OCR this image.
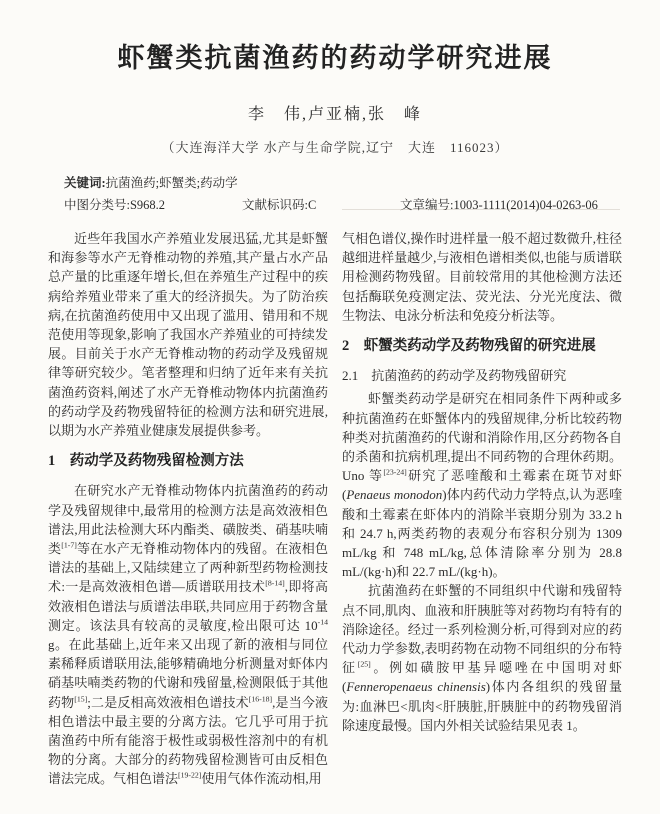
虾蟹类抗菌渔药的药动学研究进展
李　伟,卢亚楠,张　峰
（大连海洋大学 水产与生命学院,辽宁　大连　116023）
关键词:抗菌渔药;虾蟹类;药动学
中图分类号:S968.2	文献标识码:C	文章编号:1003-1111(2014)04-0263-06
近些年我国水产养殖业发展迅猛,尤其是虾蟹和海参等水产无脊椎动物的养殖,其产量占水产品总产量的比重逐年增长,但在养殖生产过程中的疾病给养殖业带来了重大的经济损失。为了防治疾病,在抗菌渔药使用中又出现了滥用、错用和不规范使用等现象,影响了我国水产养殖业的可持续发展。目前关于水产无脊椎动物的药动学及残留规律等研究较少。笔者整理和归纳了近年来有关抗菌渔药资料,阐述了水产无脊椎动物体内抗菌渔药的药动学及药物残留特征的检测方法和研究进展,以期为水产养殖业健康发展提供参考。
1　药动学及药物残留检测方法
在研究水产无脊椎动物体内抗菌渔药的药动学及残留规律中,最常用的检测方法是高效液相色谱法,用此法检测大环内酯类、磺胺类、硝基呋喃类[1-7]等在水产无脊椎动物体内的残留。在液相色谱法的基础上,又陆续建立了两种新型药物检测技术:一是高效液相色谱—质谱联用技术[8-14],即将高效液相色谱法与质谱法串联,共同应用于药物含量测定。该法具有较高的灵敏度,检出限可达 $10^{-14}$ g。在此基础上,近年来又出现了新的液相与同位素稀释质谱联用法,能够精确地分析测量对虾体内硝基呋喃类药物的代谢和残留量,检测限低于其他药物[15];二是反相高效液相色谱技术[16-18],是当今液相色谱法中最主要的分离方法。它几乎可用于抗菌渔药中所有能溶于极性或弱极性溶剂中的有机物的分离。大部分的药物残留检测皆可由反相色谱法完成。气相色谱法[19-22]使用气体作流动相,用
气相色谱仪,操作时进样量一般不超过数微升,柱径越细进样量越少,与液相色谱相类似,也能与质谱联用检测药物残留。目前较常用的其他检测方法还包括酶联免疫测定法、荧光法、分光光度法、微生物法、电泳分析法和免疫分析法等。
2　虾蟹类药动学及药物残留的研究进展
2.1　抗菌渔药的药动学及药物残留研究
虾蟹类药动学是研究在相同条件下两种或多种抗菌渔药在虾蟹体内的残留规律,分析比较药物种类对抗菌渔药的代谢和消除作用,区分药物各自的杀菌和抗病机理,提出不同药物的合理休药期。Uno 等[23-24]研究了恶喹酸和土霉素在斑节对虾(Penaeus monodon)体内药代动力学特点,认为恶喹酸和土霉素在虾体内的消除半衰期分别为 33.2 h 和 24.7 h,两类药物的表观分布容积分别为 1309 mL/kg 和 748 mL/kg,总体清除率分别为 28.8 mL/(kg·h)和 22.7 mL/(kg·h)。
抗菌渔药在虾蟹的不同组织中代谢和残留特点不同,肌肉、血液和肝胰脏等对药物均有特有的消除途径。经过一系列检测分析,可得到对应的药代动力学参数,表明药物在动物不同组织的分布特征[25]。例如磺胺甲基异噁唑在中国明对虾(Fenneropenaeus chinensis)体内各组织的残留量为:血淋巴<肌肉<肝胰脏,肝胰脏中的药物残留消除速度最慢。国内外相关试验结果见表 1。
